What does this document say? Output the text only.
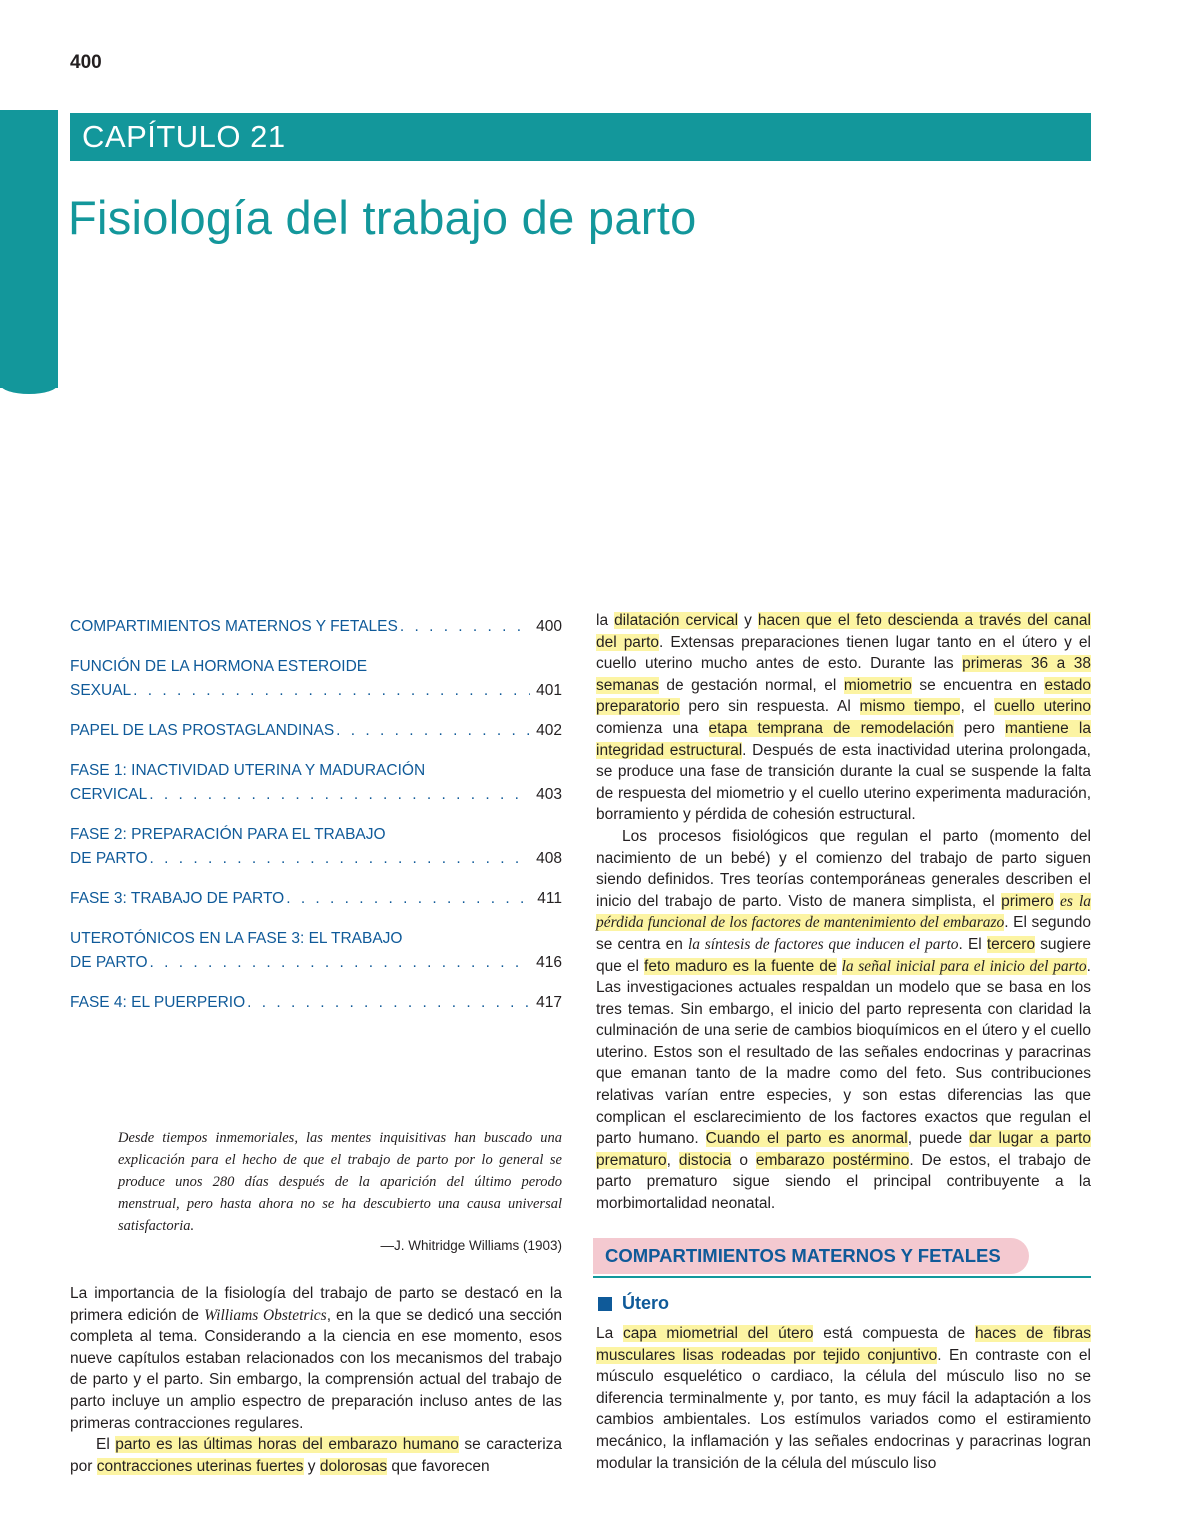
400
CAPÍTULO 21
Fisiología del trabajo de parto
COMPARTIMIENTOS MATERNOS Y FETALES . . .	400
FUNCIÓN DE LA HORMONA ESTEROIDE
SEXUAL . . .	401
PAPEL DE LAS PROSTAGLANDINAS . . .	402
FASE 1: INACTIVIDAD UTERINA Y MADURACIÓN
CERVICAL . . .	403
FASE 2: PREPARACIÓN PARA EL TRABAJO
DE PARTO . . .	408
FASE 3: TRABAJO DE PARTO . . .	411
UTEROTÓNICOS EN LA FASE 3: EL TRABAJO
DE PARTO . . .	416
FASE 4: EL PUERPERIO . . .	417
Desde tiempos inmemoriales, las mentes inquisitivas han buscado una explicación para el hecho de que el trabajo de parto por lo general se produce unos 280 días después de la aparición del último perodo menstrual, pero hasta ahora no se ha descubierto una causa universal satisfactoria.
—J. Whitridge Williams (1903)

La importancia de la fisiología del trabajo de parto se destacó en la primera edición de Williams Obstetrics, en la que se dedicó una sección completa al tema. Considerando a la ciencia en ese momento, esos nueve capítulos estaban relacionados con los mecanismos del trabajo de parto y el parto. Sin embargo, la comprensión actual del trabajo de parto incluye un amplio espectro de preparación incluso antes de las primeras contracciones regulares.

El parto es las últimas horas del embarazo humano se caracteriza por contracciones uterinas fuertes y dolorosas que favorecen

la dilatación cervical y hacen que el feto descienda a través del canal del parto. Extensas preparaciones tienen lugar tanto en el útero y el cuello uterino mucho antes de esto. Durante las primeras 36 a 38 semanas de gestación normal, el miometrio se encuentra en estado preparatorio pero sin respuesta. Al mismo tiempo, el cuello uterino comienza una etapa temprana de remodelación pero mantiene la integridad estructural. Después de esta inactividad uterina prolongada, se produce una fase de transición durante la cual se suspende la falta de respuesta del miometrio y el cuello uterino experimenta maduración, borramiento y pérdida de cohesión estructural.

Los procesos fisiológicos que regulan el parto (momento del nacimiento de un bebé) y el comienzo del trabajo de parto siguen siendo definidos. Tres teorías contemporáneas generales describen el inicio del trabajo de parto. Visto de manera simplista, el primero es la pérdida funcional de los factores de mantenimiento del embarazo. El segundo se centra en la síntesis de factores que inducen el parto. El tercero sugiere que el feto maduro es la fuente de la señal inicial para el inicio del parto. Las investigaciones actuales respaldan un modelo que se basa en los tres temas. Sin embargo, el inicio del parto representa con claridad la culminación de una serie de cambios bioquímicos en el útero y el cuello uterino. Estos son el resultado de las señales endocrinas y paracrinas que emanan tanto de la madre como del feto. Sus contribuciones relativas varían entre especies, y son estas diferencias las que complican el esclarecimiento de los factores exactos que regulan el parto humano. Cuando el parto es anormal, puede dar lugar a parto prematuro, distocia o embarazo postérmino. De estos, el trabajo de parto prematuro sigue siendo el principal contribuyente a la morbimortalidad neonatal.

COMPARTIMIENTOS MATERNOS Y FETALES
Útero

La capa miometrial del útero está compuesta de haces de fibras musculares lisas rodeadas por tejido conjuntivo. En contraste con el músculo esquelético o cardiaco, la célula del músculo liso no se diferencia terminalmente y, por tanto, es muy fácil la adaptación a los cambios ambientales. Los estímulos variados como el estiramiento mecánico, la inflamación y las señales endocrinas y paracrinas logran modular la transición de la célula del músculo liso
